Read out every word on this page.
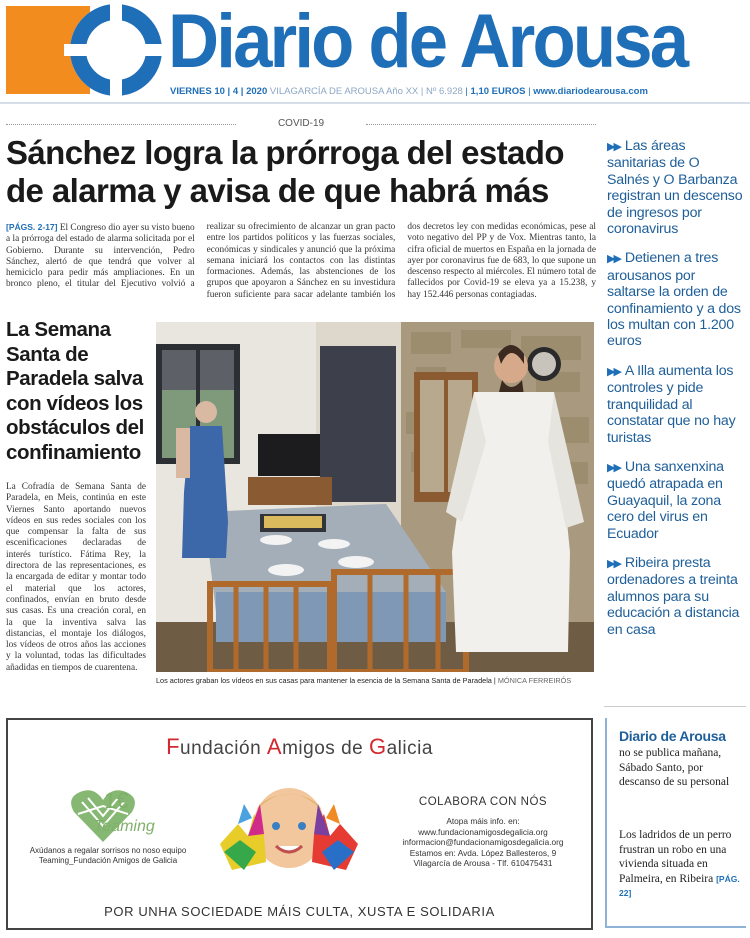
Diario de Arousa
VIERNES 10 | 4 | 2020 VILAGARCÍA DE AROUSA Año XX | Nº 6.928 | 1,10 EUROS | www.diariodearousa.com
COVID-19
Sánchez logra la prórroga del estado de alarma y avisa de que habrá más
[PÁGS. 2-17] El Congreso dio ayer su visto bueno a la prórroga del estado de alarma solicitada por el Gobierno. Durante su intervención, Pedro Sánchez, alertó de que tendrá que volver al hemiciclo para pedir más ampliaciones. En un bronco pleno, el titular del Ejecutivo volvió a realizar su ofrecimiento de alcanzar un gran pacto entre los partidos políticos y las fuerzas sociales, económicas y sindicales y anunció que la próxima semana iniciará los contactos con las distintas formaciones. Además, las abstenciones de los grupos que apoyaron a Sánchez en su investidura fueron suficiente para sacar adelante también los dos decretos ley con medidas económicas, pese al voto negativo del PP y de Vox. Mientras tanto, la cifra oficial de muertos en España en la jornada de ayer por coronavirus fue de 683, lo que supone un descenso respecto al miércoles. El número total de fallecidos por Covid-19 se eleva ya a 15.238, y hay 152.446 personas contagiadas.
La Semana Santa de Paradela salva con vídeos los obstáculos del confinamiento
La Cofradía de Semana Santa de Paradela, en Meis, continúa en este Viernes Santo aportando nuevos vídeos en sus redes sociales con los que compensar la falta de sus escenificaciones declaradas de interés turístico. Fátima Rey, la directora de las representaciones, es la encargada de editar y montar todo el material que los actores, confinados, envían en bruto desde sus casas. Es una creación coral, en la que la inventiva salva las distancias, el montaje los diálogos, los vídeos de otros años las acciones y la voluntad, todas las dificultades añadidas en tiempos de cuarentena.
Los actores graban los vídeos en sus casas para mantener la esencia de la Semana Santa de Paradela | MÓNICA FERREIRÓS
▶▶ Las áreas sanitarias de O Salnés y O Barbanza registran un descenso de ingresos por coronavirus
▶▶ Detienen a tres arousanos por saltarse la orden de confinamiento y a dos los multan con 1.200 euros
▶▶ A Illa aumenta los controles y pide tranquilidad al constatar que no hay turistas
▶▶ Una sanxenxina quedó atrapada en Guayaquil, la zona cero del virus en Ecuador
▶▶ Ribeira presta ordenadores a treinta alumnos para su educación a distancia en casa
Fundación Amigos de Galicia
1€
Teaming
Axúdanos a regalar sorrisos no noso equipo Teaming_Fundación Amigos de Galicia
COLABORA CON NÓS
Atopa máis info. en:
www.fundacionamigosdegalicia.org
informacion@fundacionamigosdegalicia.org
Estamos en: Avda. López Ballesteros, 9
Vilagarcía de Arousa - Tlf. 610475431
POR UNHA SOCIEDADE MÁIS CULTA, XUSTA E SOLIDARIA
Diario de Arousa
no se publica mañana, Sábado Santo, por descanso de su personal
Los ladridos de un perro frustran un robo en una vivienda situada en Palmeira, en Ribeira [PÁG. 22]
